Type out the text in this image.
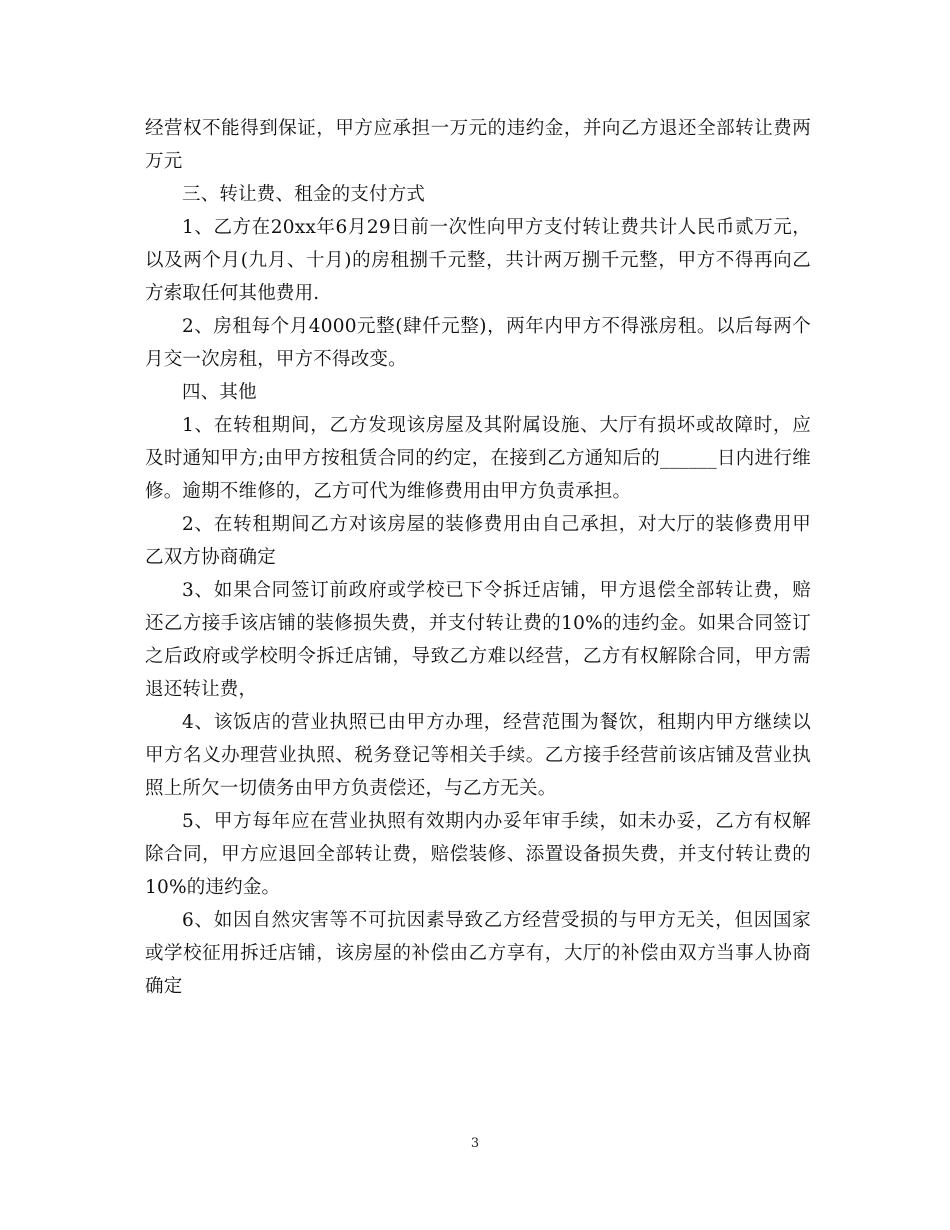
经营权不能得到保证，甲方应承担一万元的违约金，并向乙方退还全部转让费两万元

三、转让费、租金的支付方式

1、乙方在20xx年6月29日前一次性向甲方支付转让费共计人民币贰万元，以及两个月(九月、十月)的房租捌千元整，共计两万捌千元整，甲方不得再向乙方索取任何其他费用.

2、房租每个月4000元整(肆仟元整)，两年内甲方不得涨房租。以后每两个月交一次房租，甲方不得改变。

四、其他

1、在转租期间，乙方发现该房屋及其附属设施、大厅有损坏或故障时，应及时通知甲方;由甲方按租赁合同的约定，在接到乙方通知后的______日内进行维修。逾期不维修的，乙方可代为维修费用由甲方负责承担。

2、在转租期间乙方对该房屋的装修费用由自己承担，对大厅的装修费用甲乙双方协商确定

3、如果合同签订前政府或学校已下令拆迁店铺，甲方退偿全部转让费，赔还乙方接手该店铺的装修损失费，并支付转让费的10%的违约金。如果合同签订之后政府或学校明令拆迁店铺，导致乙方难以经营，乙方有权解除合同，甲方需退还转让费，

4、该饭店的营业执照已由甲方办理，经营范围为餐饮，租期内甲方继续以甲方名义办理营业执照、税务登记等相关手续。乙方接手经营前该店铺及营业执照上所欠一切债务由甲方负责偿还，与乙方无关。

5、甲方每年应在营业执照有效期内办妥年审手续，如未办妥，乙方有权解除合同，甲方应退回全部转让费，赔偿装修、添置设备损失费，并支付转让费的10%的违约金。

6、如因自然灾害等不可抗因素导致乙方经营受损的与甲方无关，但因国家或学校征用拆迁店铺，该房屋的补偿由乙方享有，大厅的补偿由双方当事人协商确定

3
